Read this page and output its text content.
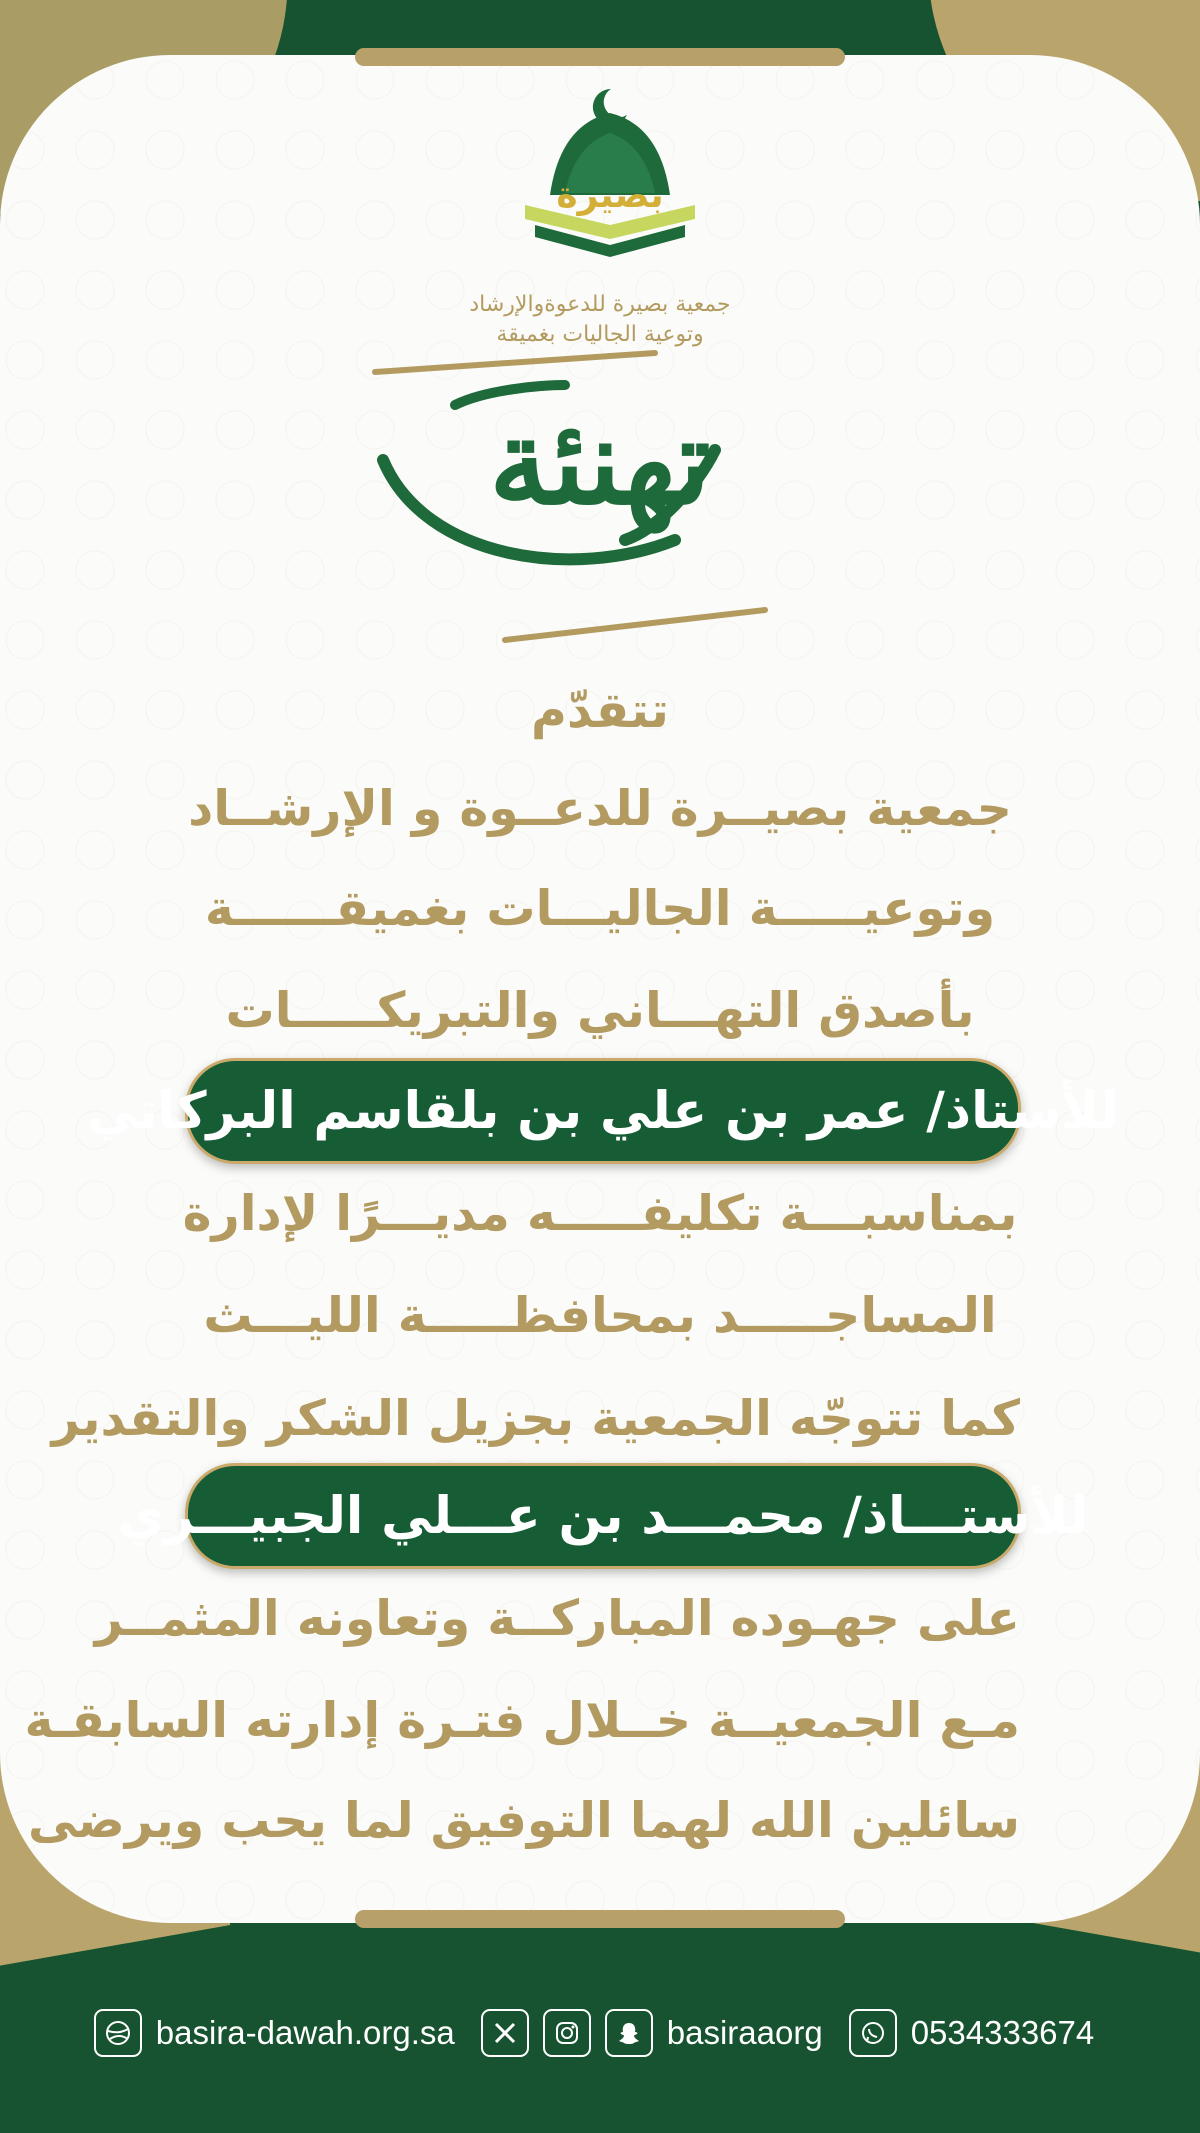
بصيرة
جمعية بصيرة للدعوةوالإرشاد
وتوعية الجاليات بغميقة
تهنئة
تتقدّم
جمعية بصيــرة للدعــوة و الإرشــاد
وتوعيـــــة الجاليـــات بغميقــــــة
بأصدق التهـــاني والتبريكـــــات
للأستاذ/ عمر بن علي بن بلقاسم البركاتي
بمناسبـــة تكليفـــــه مديـــرًا لإدارة
المساجـــــد بمحافظـــــة الليـــث
كما تتوجّه الجمعية بجزيل الشكر والتقدير
للأستـــاذ/ محمـــد بن عـــلي الجبيـــري
على جهـوده المباركــة وتعاونه المثمــر
مـع الجمعيــة خــلال فتـرة إدارته السابقـة
سائلين الله لهما التوفيق لما يحب ويرضى
basira-dawah.org.sa	basiraaorg	0534333674
